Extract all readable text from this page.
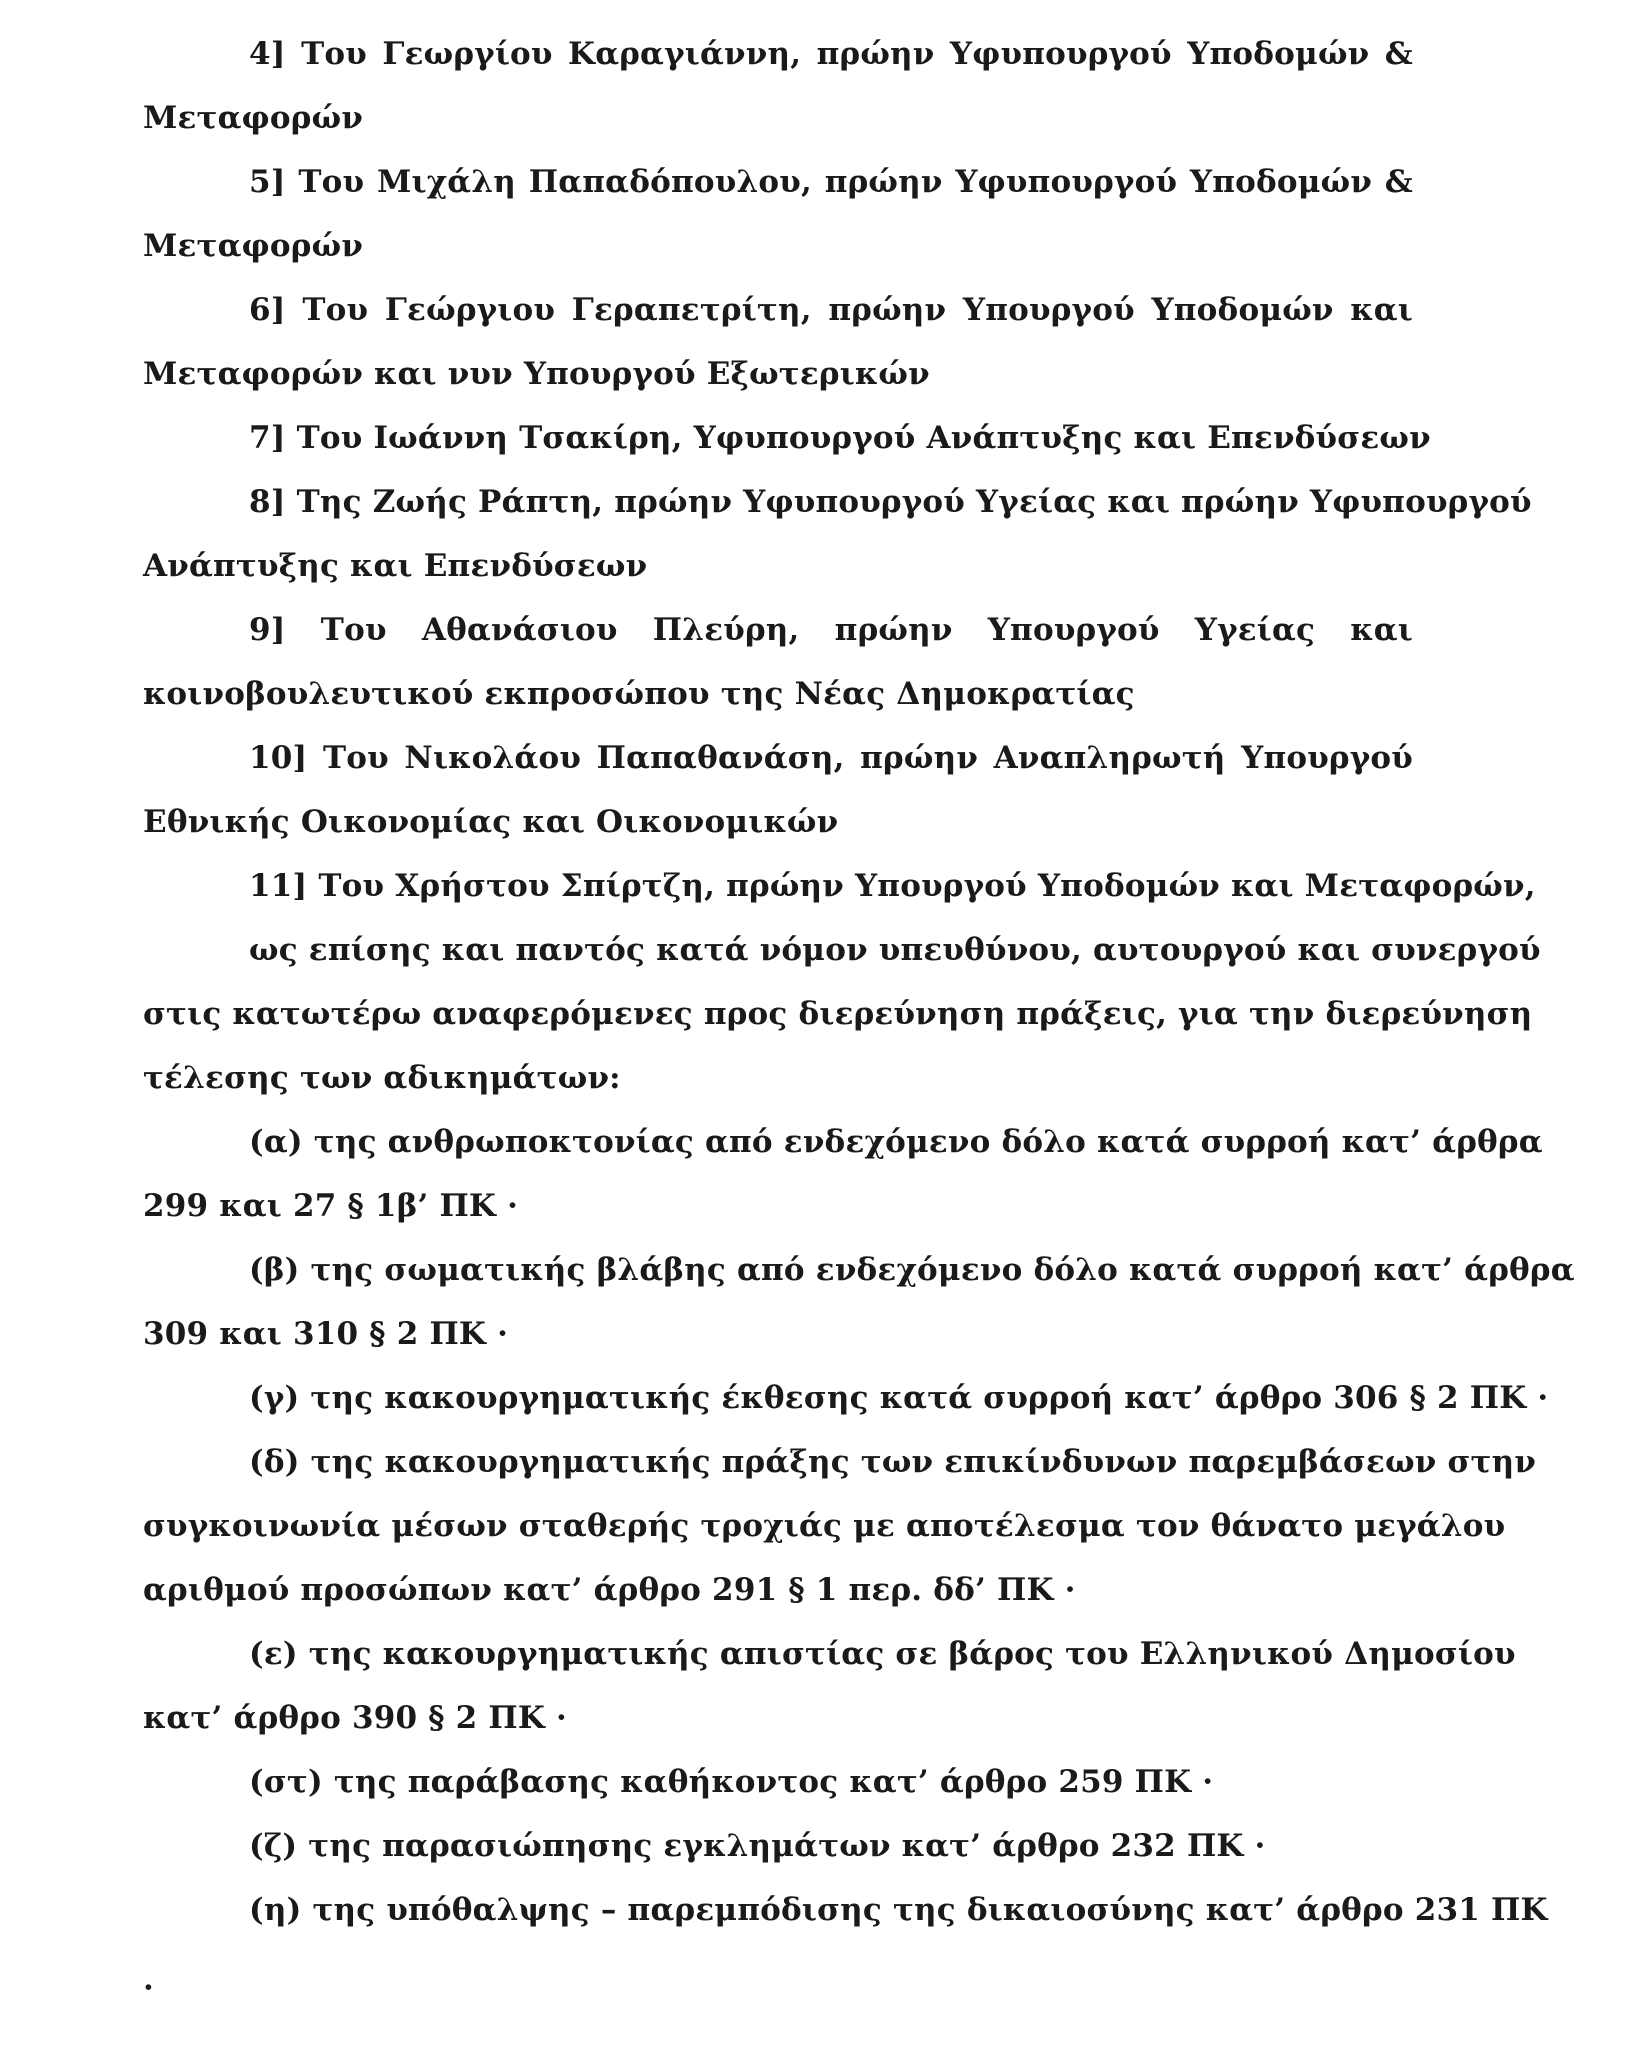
4] Του Γεωργίου Καραγιάννη, πρώην Υφυπουργού Υποδομών &
Μεταφορών
5] Του Μιχάλη Παπαδόπουλου, πρώην Υφυπουργού Υποδομών &
Μεταφορών
6] Του Γεώργιου Γεραπετρίτη, πρώην Υπουργού Υποδομών και
Μεταφορών και νυν Υπουργού Εξωτερικών
7] Του Ιωάννη Τσακίρη, Υφυπουργού Ανάπτυξης και Επενδύσεων
8] Της Ζωής Ράπτη, πρώην Υφυπουργού Υγείας και πρώην Υφυπουργού
Ανάπτυξης και Επενδύσεων
9] Του Αθανάσιου Πλεύρη, πρώην Υπουργού Υγείας και
κοινοβουλευτικού εκπροσώπου της Νέας Δημοκρατίας
10] Του Νικολάου Παπαθανάση, πρώην Αναπληρωτή Υπουργού
Εθνικής Οικονομίας και Οικονομικών
11] Του Χρήστου Σπίρτζη, πρώην Υπουργού Υποδομών και Μεταφορών,
ως επίσης και παντός κατά νόμον υπευθύνου, αυτουργού και συνεργού
στις κατωτέρω αναφερόμενες προς διερεύνηση πράξεις, για την διερεύνηση
τέλεσης των αδικημάτων:
(α) της ανθρωποκτονίας από ενδεχόμενο δόλο κατά συρροή κατ’ άρθρα
299 και 27 § 1β’ ΠΚ ·
(β) της σωματικής βλάβης από ενδεχόμενο δόλο κατά συρροή κατ’ άρθρα
309 και 310 § 2 ΠΚ ·
(γ) της κακουργηματικής έκθεσης κατά συρροή κατ’ άρθρο 306 § 2 ΠΚ ·
(δ) της κακουργηματικής πράξης των επικίνδυνων παρεμβάσεων στην
συγκοινωνία μέσων σταθερής τροχιάς με αποτέλεσμα τον θάνατο μεγάλου
αριθμού προσώπων κατ’ άρθρο 291 § 1 περ. δδ’ ΠΚ ·
(ε) της κακουργηματικής απιστίας σε βάρος του Ελληνικού Δημοσίου
κατ’ άρθρο 390 § 2 ΠΚ ·
(στ) της παράβασης καθήκοντος κατ’ άρθρο 259 ΠΚ ·
(ζ) της παρασιώπησης εγκλημάτων κατ’ άρθρο 232 ΠΚ ·
(η) της υπόθαλψης – παρεμπόδισης της δικαιοσύνης κατ’ άρθρο 231 ΠΚ
·
